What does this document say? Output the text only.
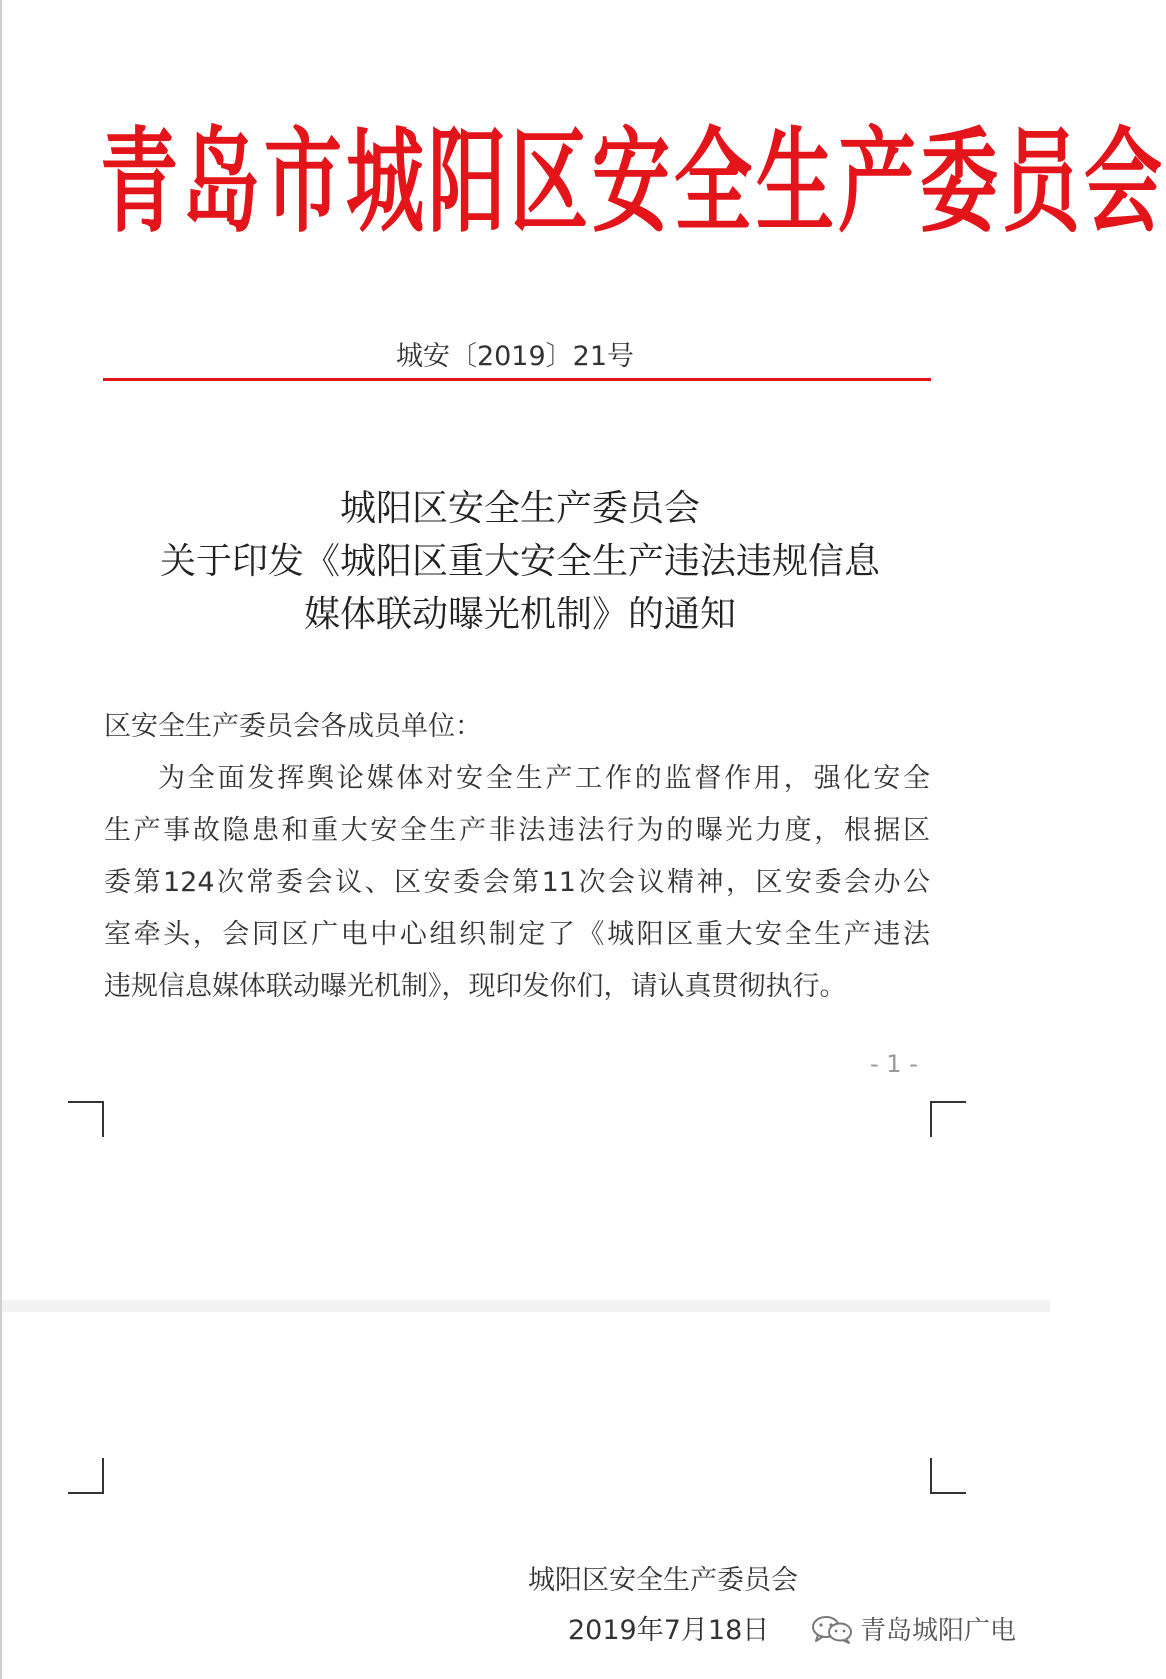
青岛市城阳区安全生产委员会
城安〔2019〕21号
城阳区安全生产委员会
关于印发《城阳区重大安全生产违法违规信息
媒体联动曝光机制》的通知
区安全生产委员会各成员单位：
为全面发挥舆论媒体对安全生产工作的监督作用，强化安全
生产事故隐患和重大安全生产非法违法行为的曝光力度，根据区
委第124次常委会议、区安委会第11次会议精神，区安委会办公
室牵头，会同区广电中心组织制定了《城阳区重大安全生产违法
违规信息媒体联动曝光机制》，现印发你们，请认真贯彻执行。
- 1 -
城阳区安全生产委员会
2019年7月18日	青岛城阳广电
